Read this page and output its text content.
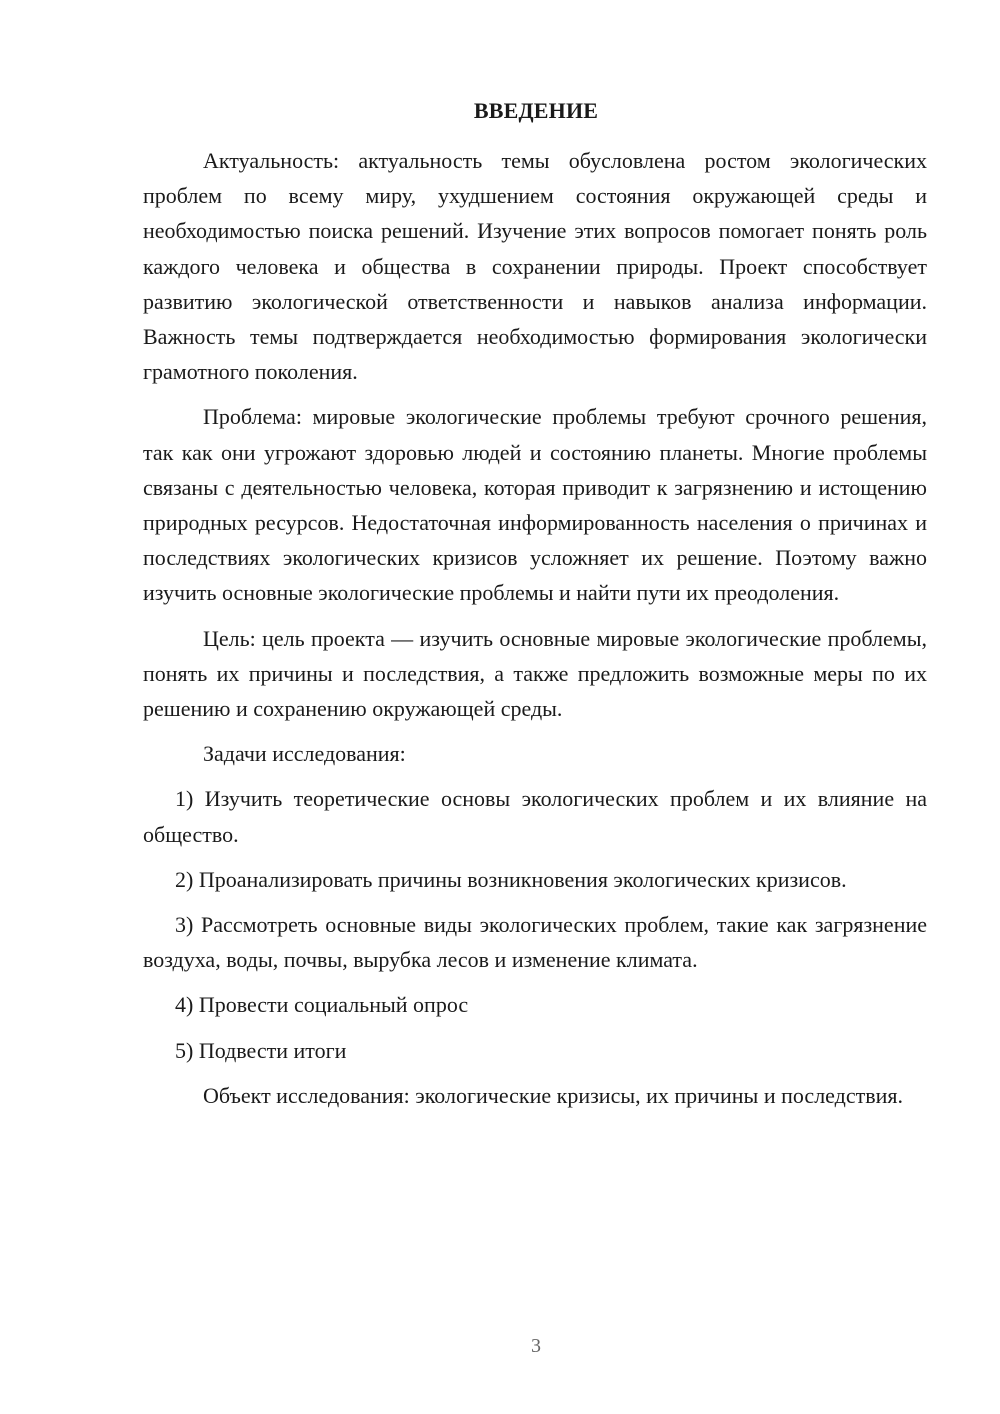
ВВЕДЕНИЕ

Актуальность: актуальность темы обусловлена ростом экологических проблем по всему миру, ухудшением состояния окружающей среды и необходимостью поиска решений. Изучение этих вопросов помогает понять роль каждого человека и общества в сохранении природы. Проект способствует развитию экологической ответственности и навыков анализа информации. Важность темы подтверждается необходимостью формирования экологически грамотного поколения.

Проблема: мировые экологические проблемы требуют срочного решения, так как они угрожают здоровью людей и состоянию планеты. Многие проблемы связаны с деятельностью человека, которая приводит к загрязнению и истощению природных ресурсов. Недостаточная информированность населения о причинах и последствиях экологических кризисов усложняет их решение. Поэтому важно изучить основные экологические проблемы и найти пути их преодоления.

Цель: цель проекта — изучить основные мировые экологические проблемы, понять их причины и последствия, а также предложить возможные меры по их решению и сохранению окружающей среды.

Задачи исследования:

1) Изучить теоретические основы экологических проблем и их влияние на общество.

2) Проанализировать причины возникновения экологических кризисов.

3) Рассмотреть основные виды экологических проблем, такие как загрязнение воздуха, воды, почвы, вырубка лесов и изменение климата.

4) Провести социальный опрос

5) Подвести итоги

Объект исследования: экологические кризисы, их причины и последствия.

3
